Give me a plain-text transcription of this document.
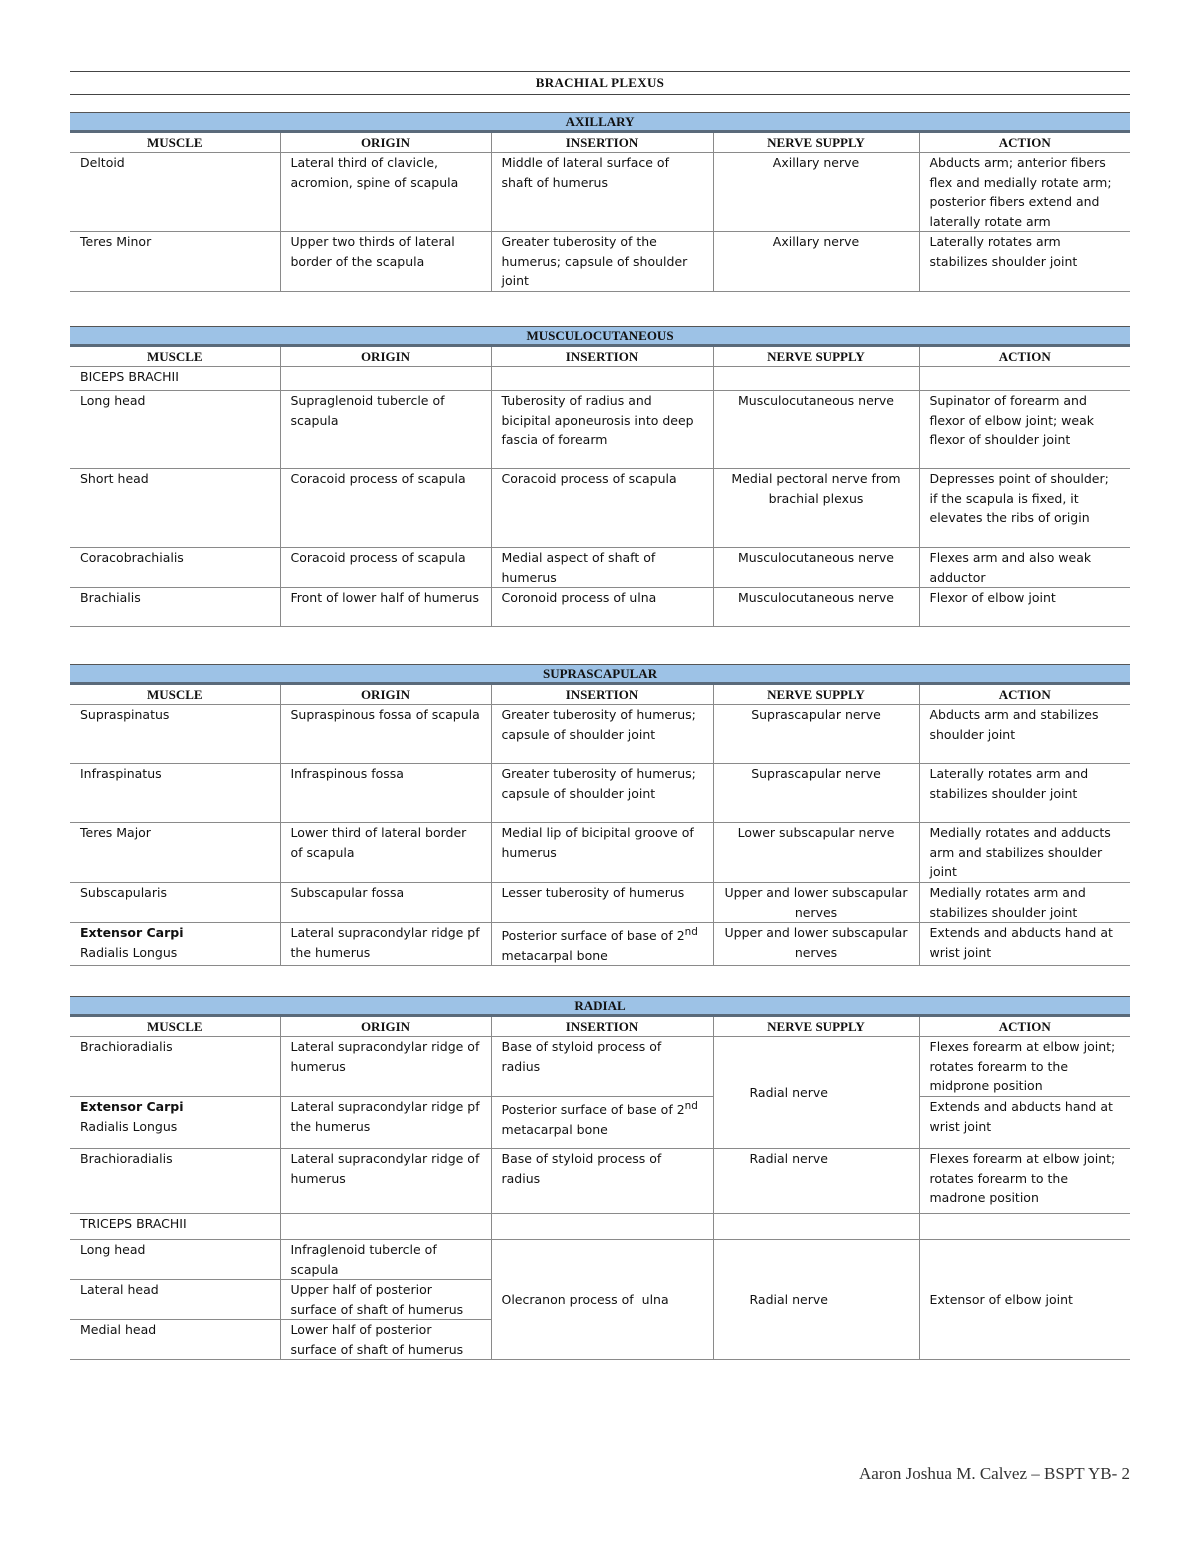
BRACHIAL PLEXUS
AXILLARY				
MUSCLE	ORIGIN	INSERTION	NERVE SUPPLY	ACTION
Deltoid	Lateral third of clavicle, acromion, spine of scapula	Middle of lateral surface of shaft of humerus	Axillary nerve	Abducts arm; anterior fibers flex and medially rotate arm; posterior fibers extend and laterally rotate arm
Teres Minor	Upper two thirds of lateral border of the scapula	Greater tuberosity of the humerus; capsule of shoulder joint	Axillary nerve	Laterally rotates arm stabilizes shoulder joint
MUSCULOCUTANEOUS				
MUSCLE	ORIGIN	INSERTION	NERVE SUPPLY	ACTION
BICEPS BRACHII				
Long head	Supraglenoid tubercle of scapula	Tuberosity of radius and bicipital aponeurosis into deep fascia of forearm	Musculocutaneous nerve	Supinator of forearm and flexor of elbow joint; weak flexor of shoulder joint
Short head	Coracoid process of scapula	Coracoid process of scapula	Medial pectoral nerve from brachial plexus	Depresses point of shoulder; if the scapula is fixed, it elevates the ribs of origin
Coracobrachialis	Coracoid process of scapula	Medial aspect of shaft of humerus	Musculocutaneous nerve	Flexes arm and also weak adductor
Brachialis	Front of lower half of humerus	Coronoid process of ulna	Musculocutaneous nerve	Flexor of elbow joint
SUPRASCAPULAR				
MUSCLE	ORIGIN	INSERTION	NERVE SUPPLY	ACTION
Supraspinatus	Supraspinous fossa of scapula	Greater tuberosity of humerus; capsule of shoulder joint	Suprascapular nerve	Abducts arm and stabilizes shoulder joint
Infraspinatus	Infraspinous fossa	Greater tuberosity of humerus; capsule of shoulder joint	Suprascapular nerve	Laterally rotates arm and stabilizes shoulder joint
Teres Major	Lower third of lateral border of scapula	Medial lip of bicipital groove of humerus	Lower subscapular nerve	Medially rotates and adducts arm and stabilizes shoulder joint
Subscapularis	Subscapular fossa	Lesser tuberosity of humerus	Upper and lower subscapular nerves	Medially rotates arm and stabilizes shoulder joint
Extensor Carpi
Radialis Longus	Lateral supracondylar ridge pf the humerus	Posterior surface of base of 2nd metacarpal bone	Upper and lower subscapular nerves	Extends and abducts hand at wrist joint
RADIAL				
MUSCLE	ORIGIN	INSERTION	NERVE SUPPLY	ACTION
Brachioradialis	Lateral supracondylar ridge of humerus	Base of styloid process of radius	Radial nerve	Flexes forearm at elbow joint; rotates forearm to the midprone position
Extensor Carpi
Radialis Longus	Lateral supracondylar ridge pf the humerus	Posterior surface of base of 2nd metacarpal bone		Extends and abducts hand at wrist joint
Brachioradialis	Lateral supracondylar ridge of humerus	Base of styloid process of radius	Radial nerve	Flexes forearm at elbow joint; rotates forearm to the madrone position
TRICEPS BRACHII				
Long head	Infraglenoid tubercle of scapula	Olecranon process of  ulna	Radial nerve	Extensor of elbow joint
Lateral head	Upper half of posterior surface of shaft of humerus			
Medial head	Lower half of posterior surface of shaft of humerus			
Aaron Joshua M. Calvez – BSPT YB- 2
